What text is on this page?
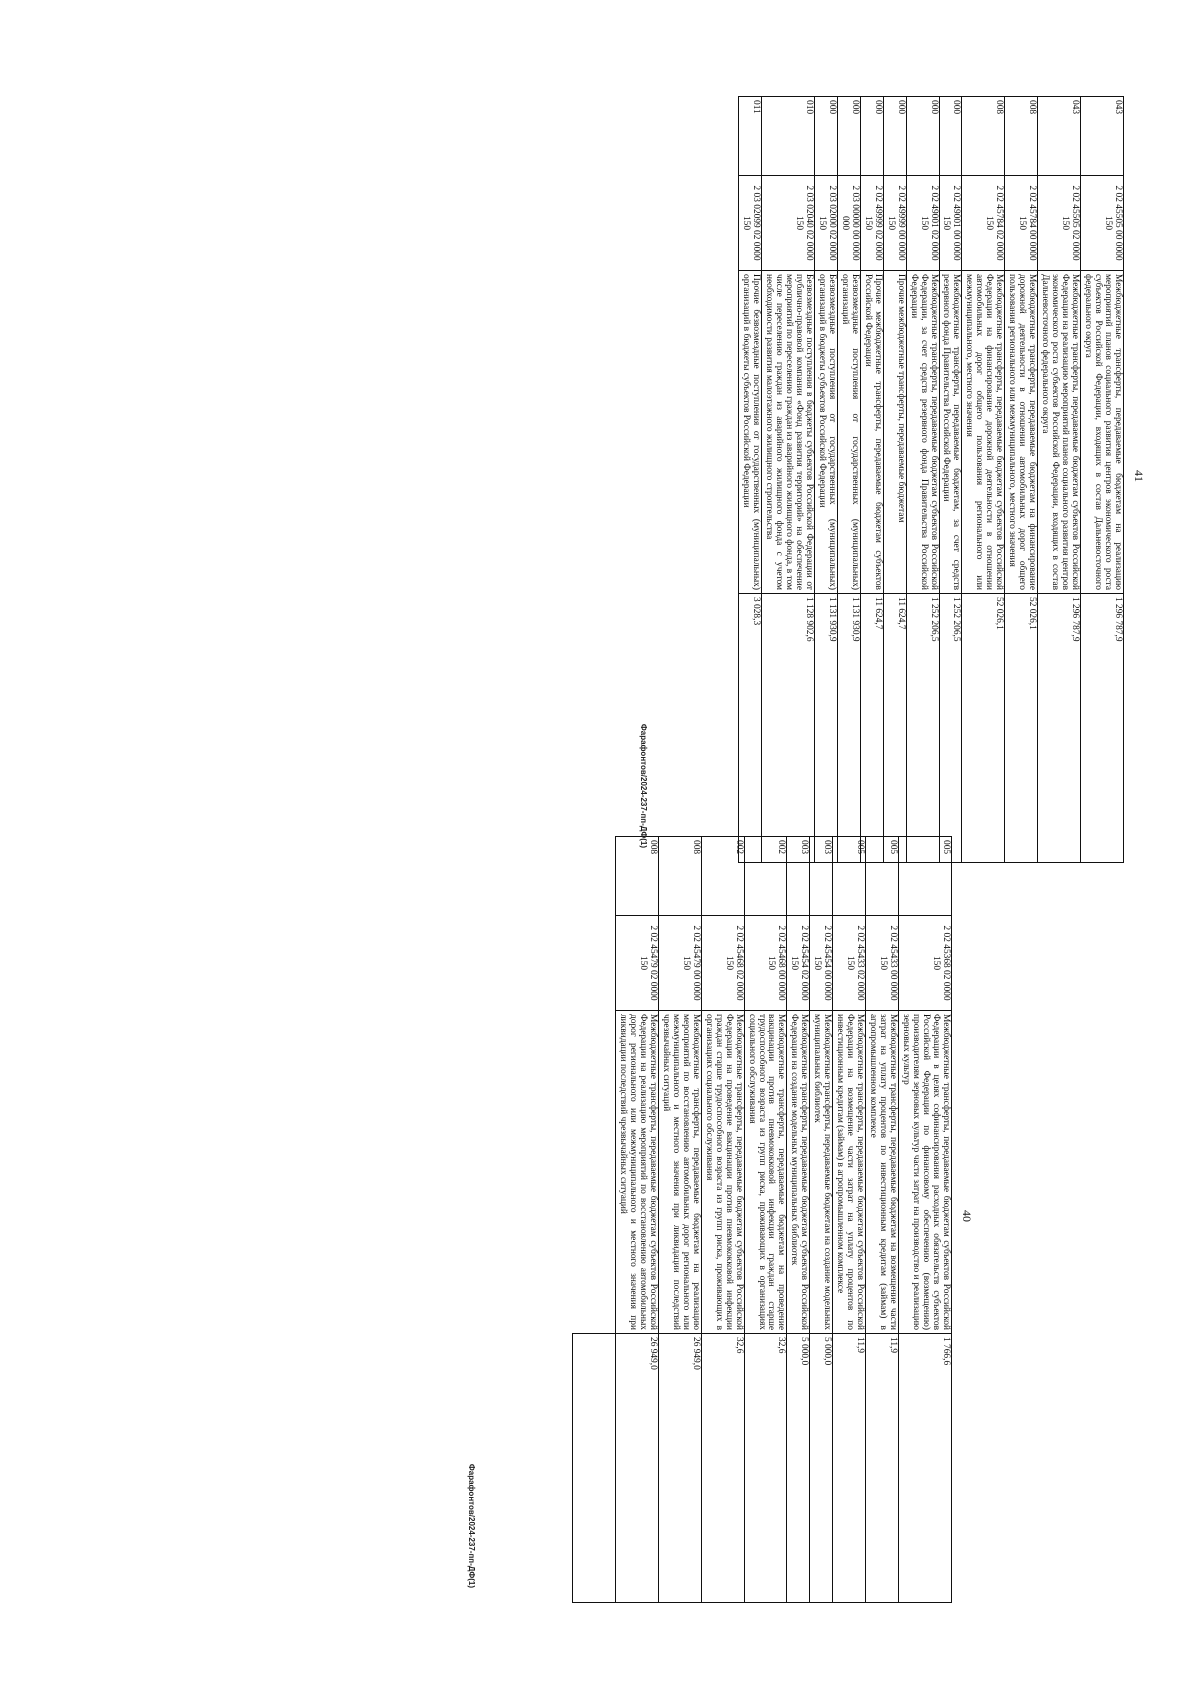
40
005	2 02 45368 02 0000 150	Межбюджетные трансферты, передаваемые бюджетам субъектов Российской Федерации в целях софинансирования расходных обязательств субъектов Российской Федерации по финансовому обеспечению (возмещению) производителям зерновых культур части затрат на производство и реализацию зерновых культур	1 766,6
005	2 02 45433 00 0000 150	Межбюджетные трансферты, передаваемые бюджетам на возмещение части затрат на уплату процентов по инвестиционным кредитам (займам) в агропромышленном комплексе	11,9
005	2 02 45433 02 0000 150	Межбюджетные трансферты, передаваемые бюджетам субъектов Российской Федерации на возмещение части затрат на уплату процентов по инвестиционным кредитам (займам) в агропромышленном комплексе	11,9
003	2 02 45454 00 0000 150	Межбюджетные трансферты, передаваемые бюджетам на создание модельных муниципальных библиотек	5 000,0
003	2 02 45454 02 0000 150	Межбюджетные трансферты, передаваемые бюджетам субъектов Российской Федерации на создание модельных муниципальных библиотек	5 000,0
002	2 02 45468 00 0000 150	Межбюджетные трансферты, передаваемые бюджетам на проведение вакцинации против пневмококковой инфекции граждан старше трудоспособного возраста из групп риска, проживающих в организациях социального обслуживания	32,6
002	2 02 45468 02 0000 150	Межбюджетные трансферты, передаваемые бюджетам субъектов Российской Федерации на проведение вакцинации против пневмококковой инфекции граждан старше трудоспособного возраста из групп риска, проживающих в организациях социального обслуживания	32,6
008	2 02 45479 00 0000 150	Межбюджетные трансферты, передаваемые бюджетам на реализацию мероприятий по восстановлению автомобильных дорог регионального или межмуниципального и местного значения при ликвидации последствий чрезвычайных ситуаций	26 949,0
008	2 02 45479 02 0000 150	Межбюджетные трансферты, передаваемые бюджетам субъектов Российской Федерации на реализацию мероприятий по восстановлению автомобильных дорог регионального или межмуниципального и местного значения при ликвидации последствий чрезвычайных ситуаций	26 949,0

Фарафонтов/2024-237-пп-ДФ(1)
41
043	2 02 45505 00 0000 150	Межбюджетные трансферты, передаваемые бюджетам на реализацию мероприятий планов социального развития центров экономического роста субъектов Российской Федерации, входящих в состав Дальневосточного федерального округа	1 296 787,9
043	2 02 45505 02 0000 150	Межбюджетные трансферты, передаваемые бюджетам субъектов Российской Федерации на реализацию мероприятий планов социального развития центров экономического роста субъектов Российской Федерации, входящих в состав Дальневосточного федерального округа	1 296 787,9
008	2 02 45784 00 0000 150	Межбюджетные трансферты, передаваемые бюджетам на финансирование дорожной деятельности в отношении автомобильных дорог общего пользования регионального или межмуниципального, местного значения	52 026,1
008	2 02 45784 02 0000 150	Межбюджетные трансферты, передаваемые бюджетам субъектов Российской Федерации на финансирование дорожной деятельности в отношении автомобильных дорог общего пользования регионального или межмуниципального, местного значения	52 026,1
000	2 02 49001 00 0000 150	Межбюджетные трансферты, передаваемые бюджетам, за счет средств резервного фонда Правительства Российской Федерации	1 252 206,5
000	2 02 49001 02 0000 150	Межбюджетные трансферты, передаваемые бюджетам субъектов Российской Федерации, за счет средств резервного фонда Правительства Российской Федерации	1 252 206,5
000	2 02 49999 00 0000 150	Прочие межбюджетные трансферты, передаваемые бюджетам	11 624,7
000	2 02 49999 02 0000 150	Прочие межбюджетные трансферты, передаваемые бюджетам субъектов Российской Федерации	11 624,7
000	2 03 00000 00 0000 000	Безвозмездные поступления от государственных (муниципальных) организаций	1 131 930,9
000	2 03 02000 02 0000 150	Безвозмездные поступления от государственных (муниципальных) организаций в бюджеты субъектов Российской Федерации	1 131 930,9
010	2 03 02040 02 0000 150	Безвозмездные поступления в бюджеты субъектов Российской Федерации от публично-правовой компании «Фонд развития территорий» на обеспечение мероприятий по переселению граждан из аварийного жилищного фонда, в том числе переселению граждан из аварийного жилищного фонда с учетом необходимости развития малоэтажного жилищного строительства	1 128 902,6
011	2 03 02099 02 0000 150	Прочие безвозмездные поступления от государственных (муниципальных) организаций в бюджеты субъектов Российской Федерации	3 028,3
Фарафонтов/2024-237-пп-ДФ(1)
